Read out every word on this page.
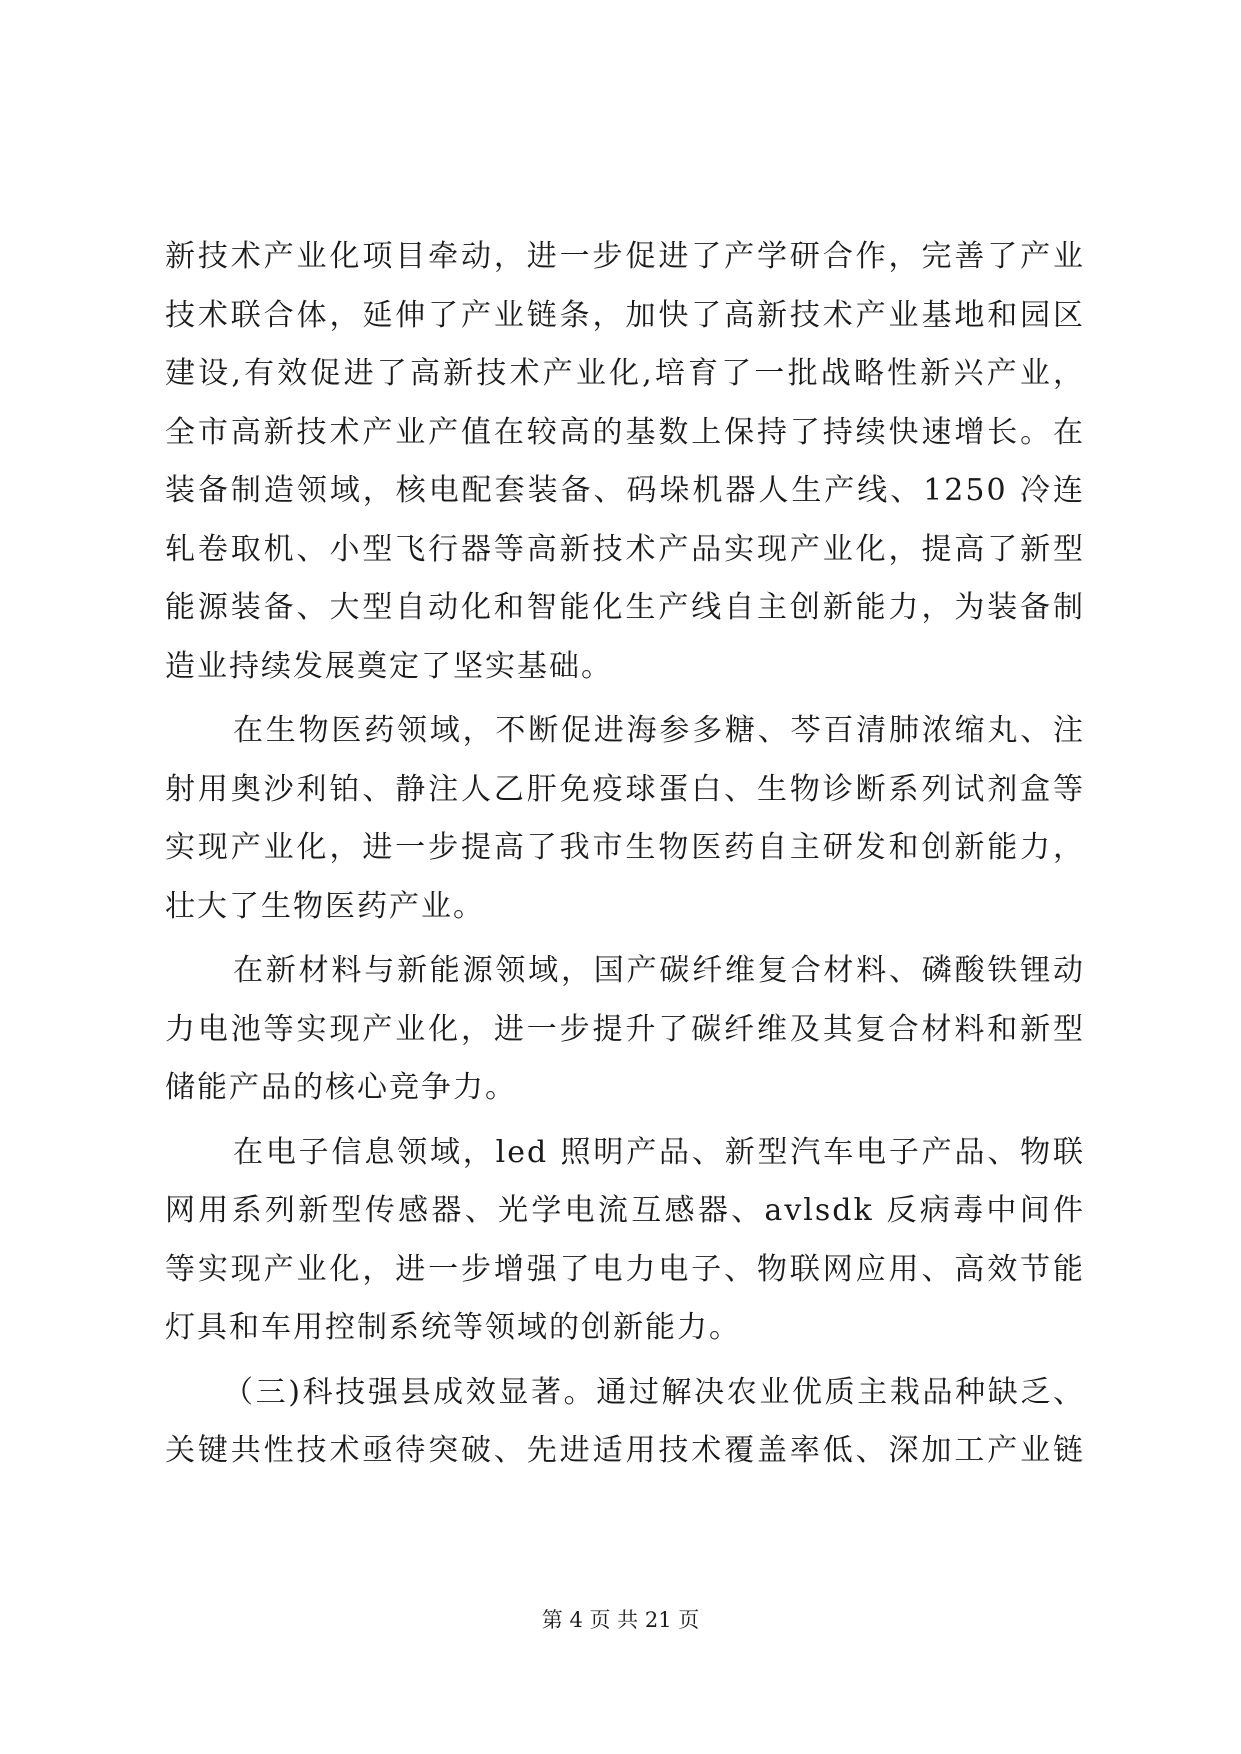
新技术产业化项目牵动，进一步促进了产学研合作，完善了产业
技术联合体，延伸了产业链条，加快了高新技术产业基地和园区
建设,有效促进了高新技术产业化,培育了一批战略性新兴产业，
全市高新技术产业产值在较高的基数上保持了持续快速增长。在
装备制造领域，核电配套装备、码垛机器人生产线、1250 冷连
轧卷取机、小型飞行器等高新技术产品实现产业化，提高了新型
能源装备、大型自动化和智能化生产线自主创新能力，为装备制
造业持续发展奠定了坚实基础。
在生物医药领域，不断促进海参多糖、芩百清肺浓缩丸、注
射用奥沙利铂、静注人乙肝免疫球蛋白、生物诊断系列试剂盒等
实现产业化，进一步提高了我市生物医药自主研发和创新能力，
壮大了生物医药产业。
在新材料与新能源领域，国产碳纤维复合材料、磷酸铁锂动
力电池等实现产业化，进一步提升了碳纤维及其复合材料和新型
储能产品的核心竞争力。
在电子信息领域，led 照明产品、新型汽车电子产品、物联
网用系列新型传感器、光学电流互感器、avlsdk 反病毒中间件
等实现产业化，进一步增强了电力电子、物联网应用、高效节能
灯具和车用控制系统等领域的创新能力。
（三)科技强县成效显著。通过解决农业优质主栽品种缺乏、
关键共性技术亟待突破、先进适用技术覆盖率低、深加工产业链
第 4 页 共 21 页
